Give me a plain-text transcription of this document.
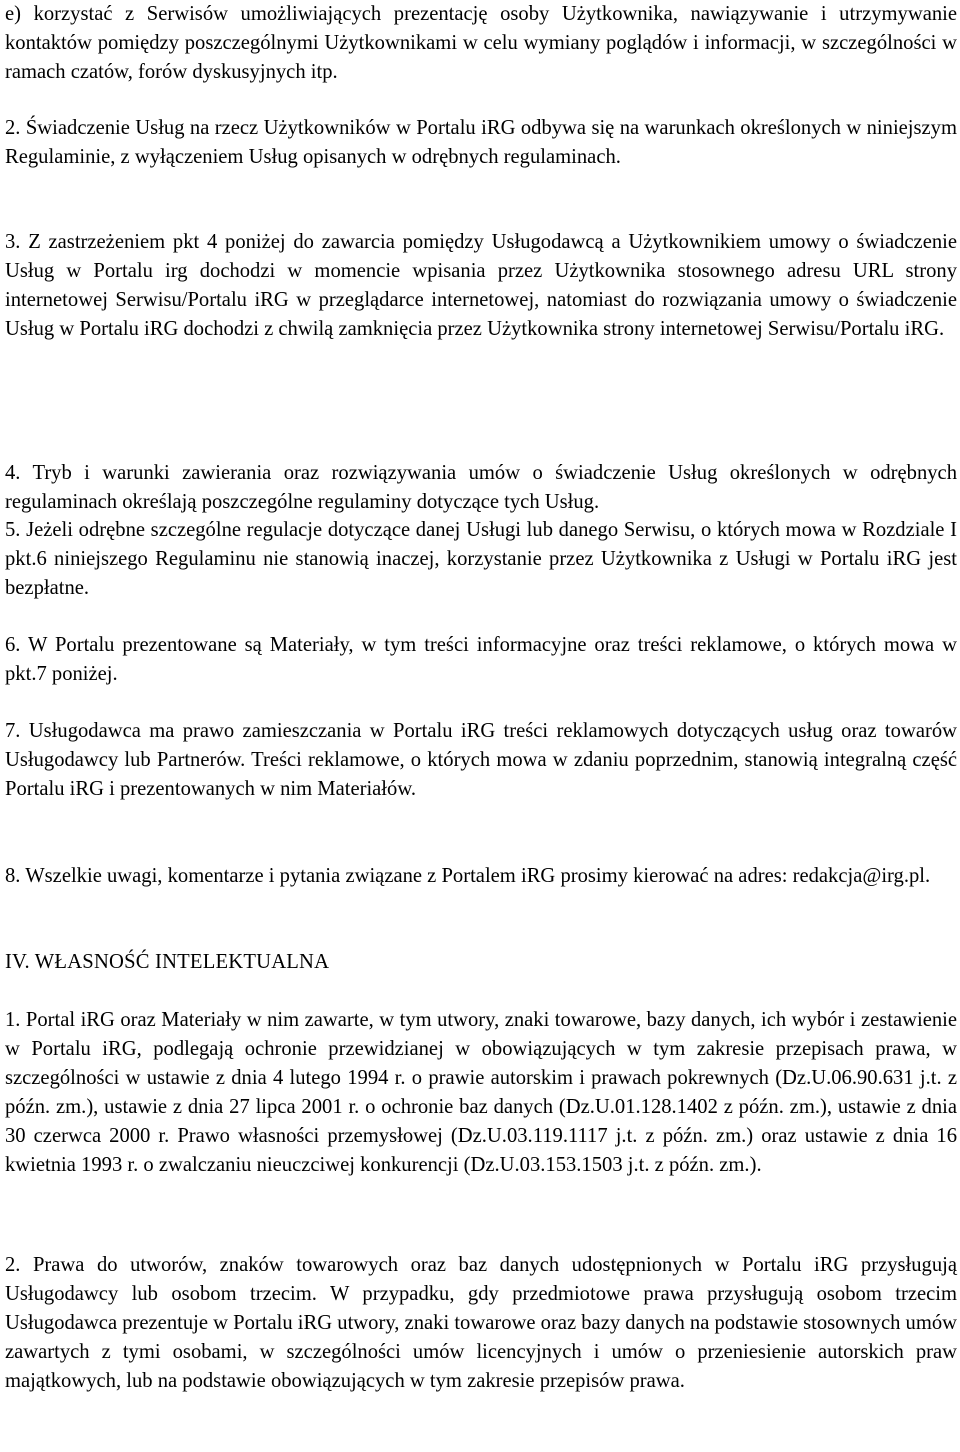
e) korzystać z Serwisów umożliwiających prezentację osoby Użytkownika, nawiązywanie i utrzymywanie kontaktów pomiędzy poszczególnymi Użytkownikami w celu wymiany poglądów i informacji, w szczególności w ramach czatów, forów dyskusyjnych itp.

2. Świadczenie Usług na rzecz Użytkowników w Portalu iRG odbywa się na warunkach określonych w niniejszym Regulaminie, z wyłączeniem Usług opisanych w odrębnych regulaminach.

3. Z zastrzeżeniem pkt 4 poniżej do zawarcia pomiędzy Usługodawcą a Użytkownikiem umowy o świadczenie Usług w Portalu irg dochodzi w momencie wpisania przez Użytkownika stosownego adresu URL strony internetowej Serwisu/Portalu iRG w przeglądarce internetowej, natomiast do rozwiązania umowy o świadczenie Usług w Portalu iRG dochodzi z chwilą zamknięcia przez Użytkownika strony internetowej Serwisu/Portalu iRG.

4. Tryb i warunki zawierania oraz rozwiązywania umów o świadczenie Usług określonych w odrębnych regulaminach określają poszczególne regulaminy dotyczące tych Usług.

5. Jeżeli odrębne szczególne regulacje dotyczące danej Usługi lub danego Serwisu, o których mowa w Rozdziale I pkt.6 niniejszego Regulaminu nie stanowią inaczej, korzystanie przez Użytkownika z Usługi w Portalu iRG jest bezpłatne.

6. W Portalu prezentowane są Materiały, w tym treści informacyjne oraz treści reklamowe, o których mowa w pkt.7 poniżej.

7. Usługodawca ma prawo zamieszczania w Portalu iRG treści reklamowych dotyczących usług oraz towarów Usługodawcy lub Partnerów. Treści reklamowe, o których mowa w zdaniu poprzednim, stanowią integralną część Portalu iRG i prezentowanych w nim Materiałów.

8. Wszelkie uwagi, komentarze i pytania związane z Portalem iRG prosimy kierować na adres: redakcja@irg.pl.

IV. WŁASNOŚĆ INTELEKTUALNA

1. Portal iRG oraz Materiały w nim zawarte, w tym utwory, znaki towarowe, bazy danych, ich wybór i zestawienie w Portalu iRG, podlegają ochronie przewidzianej w obowiązujących w tym zakresie przepisach prawa, w szczególności w ustawie z dnia 4 lutego 1994 r. o prawie autorskim i prawach pokrewnych (Dz.U.06.90.631 j.t. z późn. zm.), ustawie z dnia 27 lipca 2001 r. o ochronie baz danych (Dz.U.01.128.1402 z późn. zm.), ustawie z dnia 30 czerwca 2000 r. Prawo własności przemysłowej (Dz.U.03.119.1117 j.t. z późn. zm.) oraz ustawie z dnia 16 kwietnia 1993 r. o zwalczaniu nieuczciwej konkurencji (Dz.U.03.153.1503 j.t. z późn. zm.).

2. Prawa do utworów, znaków towarowych oraz baz danych udostępnionych w Portalu iRG przysługują Usługodawcy lub osobom trzecim. W przypadku, gdy przedmiotowe prawa przysługują osobom trzecim Usługodawca prezentuje w Portalu iRG utwory, znaki towarowe oraz bazy danych na podstawie stosownych umów zawartych z tymi osobami, w szczególności umów licencyjnych i umów o przeniesienie autorskich praw majątkowych, lub na podstawie obowiązujących w tym zakresie przepisów prawa.
